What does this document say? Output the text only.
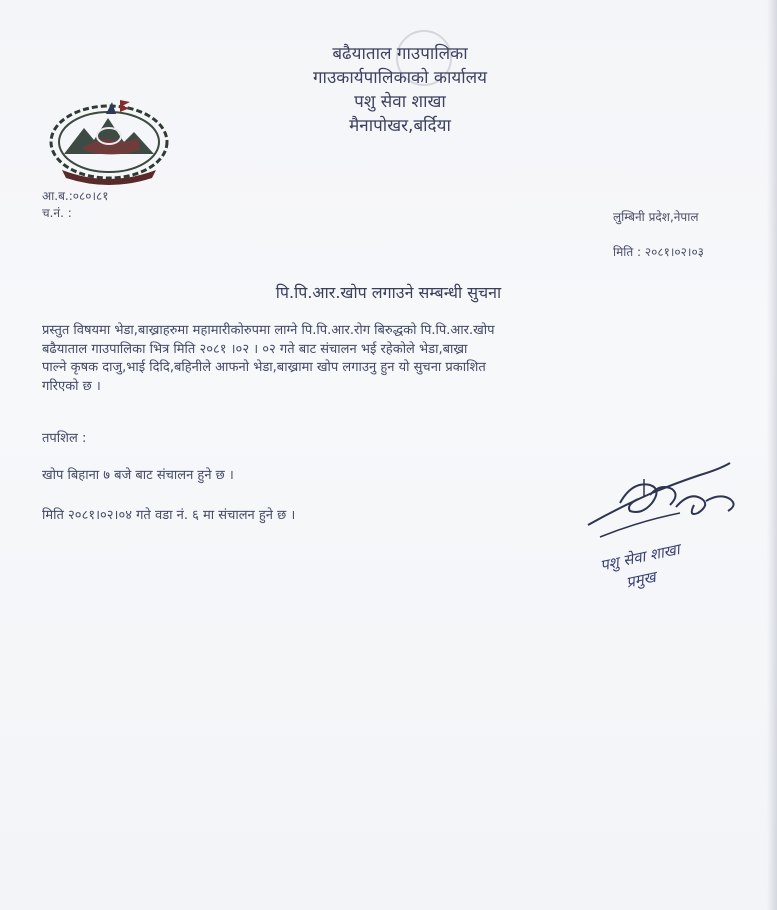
बढैयाताल गाउपालिका
गाउकार्यपालिकाको कार्यालय
पशु सेवा शाखा
मैनापोखर,बर्दिया
आ.ब.:०८०।८१
च.नं. :	लुम्बिनी प्रदेश,नेपाल
मिति : २०८१।०२।०३
पि.पि.आर.खोप लगाउने सम्बन्धी सुचना
प्रस्तुत विषयमा भेडा,बाख्राहरुमा महामारीकोरुपमा लाग्ने पि.पि.आर.रोग बिरुद्धको पि.पि.आर.खोप
बढैयाताल गाउपालिका भित्र मिति २०८१ ।०२ । ०२ गते बाट संचालन भई रहेकोले भेडा,बाख्रा
पाल्ने कृषक दाजु,भाई दिदि,बहिनीले आफनो भेडा,बाख्रामा खोप लगाउनु हुन यो सुचना प्रकाशित
गरिएको छ ।
तपशिल :
खोप बिहाना ७ बजे बाट संचालन हुने छ ।
मिति २०८१।०२।०४ गते वडा नं. ६ मा संचालन हुने छ ।
पशु सेवा शाखा
प्रमुख
